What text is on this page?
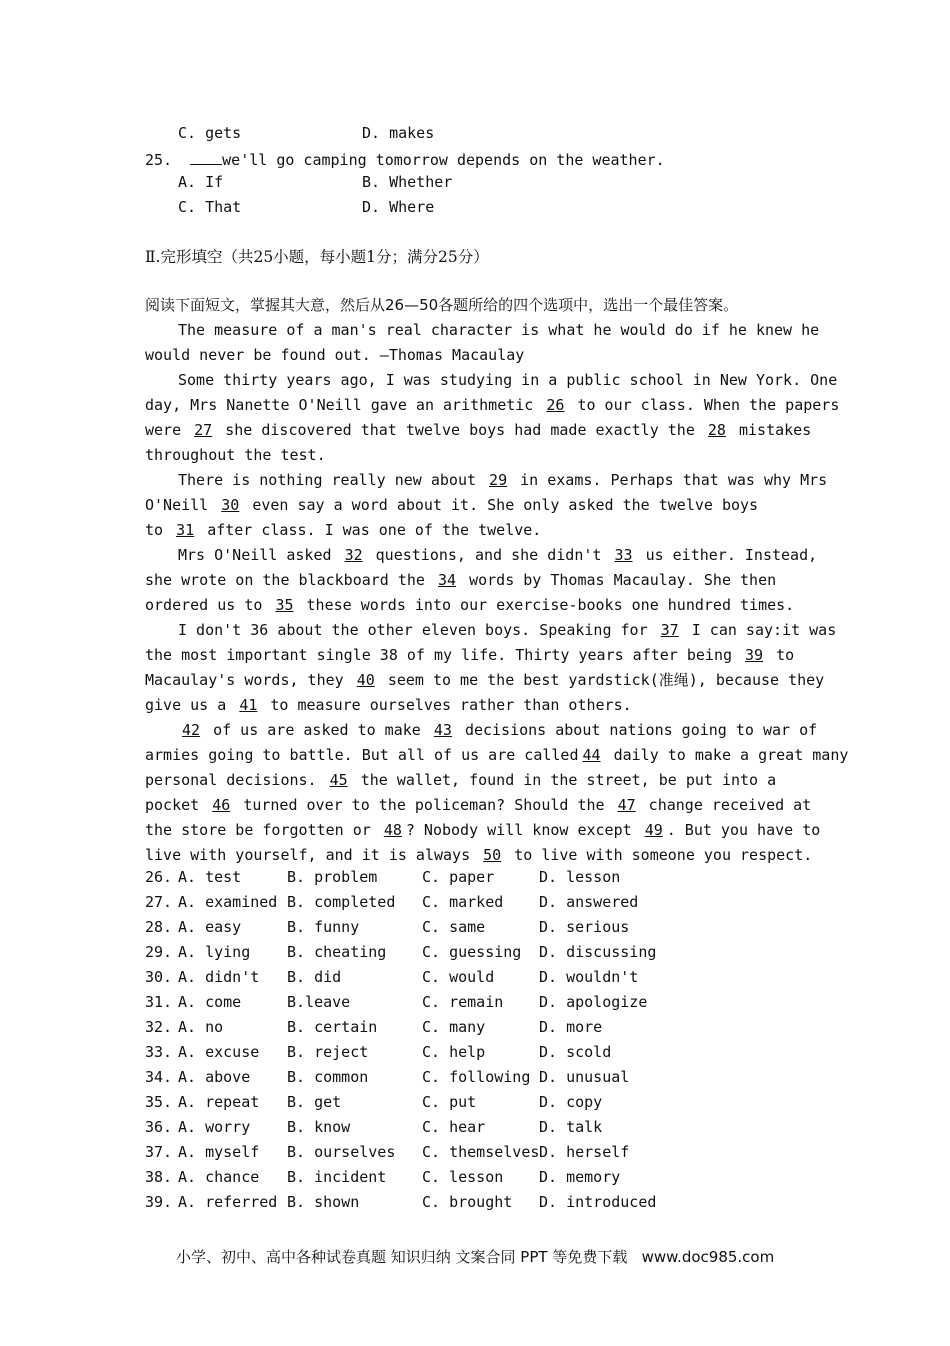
C. gets	D. makes
25.	we'll go camping tomorrow depends on the weather.
A. If	B. Whether
C. That	D. Where
Ⅱ.完形填空（共25小题，每小题1分；满分25分）
阅读下面短文，掌握其大意，然后从26—50各题所给的四个选项中，选出一个最佳答案。
The measure of a man's real character is what he would do if he knew he
would never be found out. —Thomas Macaulay
Some thirty years ago, I was studying in a public school in New York. One
day, Mrs Nanette O'Neill gave an arithmetic 26 to our class. When the papers
were 27 she discovered that twelve boys had made exactly the 28 mistakes
throughout the test.
There is nothing really new about 29 in exams. Perhaps that was why Mrs
O'Neill 30 even say a word about it. She only asked the twelve boys
to 31 after class. I was one of the twelve.
Mrs O'Neill asked 32 questions, and she didn't 33 us either. Instead,
she wrote on the blackboard the 34 words by Thomas Macaulay. She then
ordered us to 35 these words into our exercise-books one hundred times.
I don't 36 about the other eleven boys. Speaking for 37 I can say:it was
the most important single 38 of my life. Thirty years after being 39 to
Macaulay's words, they 40 seem to me the best yardstick(准绳), because they
give us a 41 to measure ourselves rather than others.
42 of us are asked to make 43 decisions about nations going to war of
armies going to battle. But all of us are called 44 daily to make a great many
personal decisions. 45 the wallet, found in the street, be put into a
pocket 46 turned over to the policeman? Should the 47 change received at
the store be forgotten or 48 ? Nobody will know except 49 . But you have to
live with yourself, and it is always 50 to live with someone you respect.
26. A. test	B. problem	C. paper	D. lesson
27. A. examined B. completed C. marked D. answered
28. A. easy	B. funny	C. same	D. serious
29. A. lying B. cheating C. guessing D. discussing
30. A. didn't B. did	C. would	D. wouldn't
31. A. come	B.leave	C. remain D. apologize
32. A. no	B. certain	C. many	D. more
33. A. excuse B. reject	C. help	D. scold
34. A. above B. common	C. following D. unusual
35. A. repeat B. get	C. put	D. copy
36. A. worry B. know	C. hear	D. talk
37. A. myself B. ourselves C. themselves D. herself
38. A. chance B. incident C. lesson D. memory
39. A. referred B. shown	C. brought D. introduced
小学、初中、高中各种试卷真题 知识归纳 文案合同 PPT 等免费下载   www.doc985.com
